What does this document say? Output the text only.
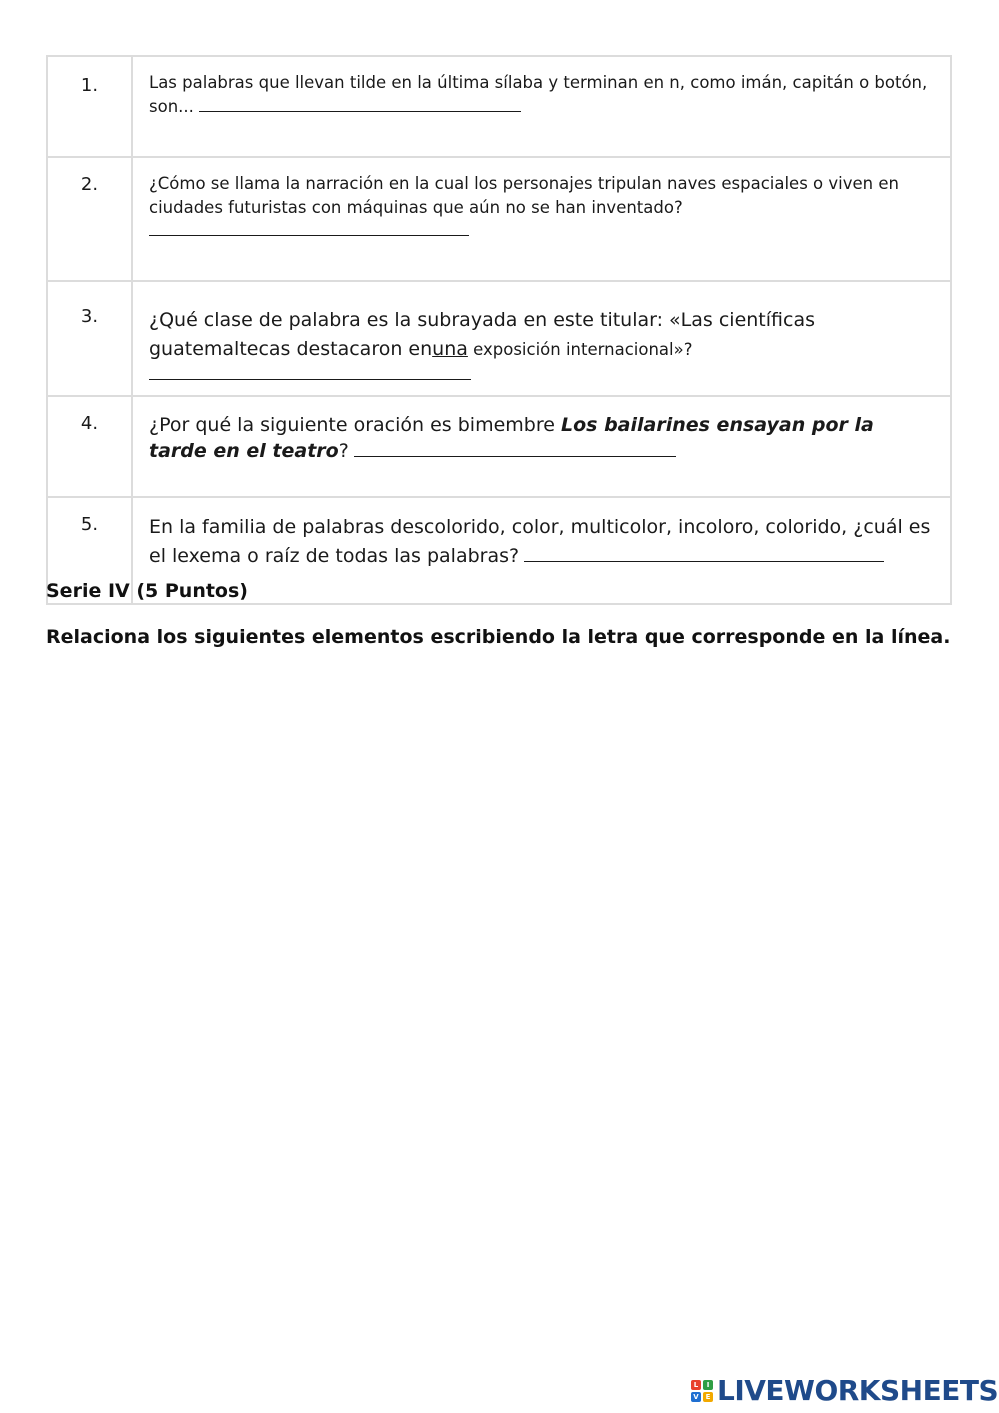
1.	Las palabras que llevan tilde en la última sílaba y terminan en n, como imán, capitán o botón, son...
2.	¿Cómo se llama la narración en la cual los personajes tripulan naves espaciales o viven en ciudades futuristas con máquinas que aún no se han inventado?

3.	¿Qué clase de palabra es la subrayada en este titular: «Las científicas guatemaltecas destacaron enuna exposición internacional»?
4.	¿Por qué la siguiente oración es bimembre Los bailarines ensayan por la tarde en el teatro?
5.	En la familia de palabras descolorido, color, multicolor, incoloro, colorido, ¿cuál es el lexema o raíz de todas las palabras?
Serie IV (5 Puntos)
Relaciona los siguientes elementos escribiendo la letra que corresponde en la línea.
L	I
V E LIVEWORKSHEETS
